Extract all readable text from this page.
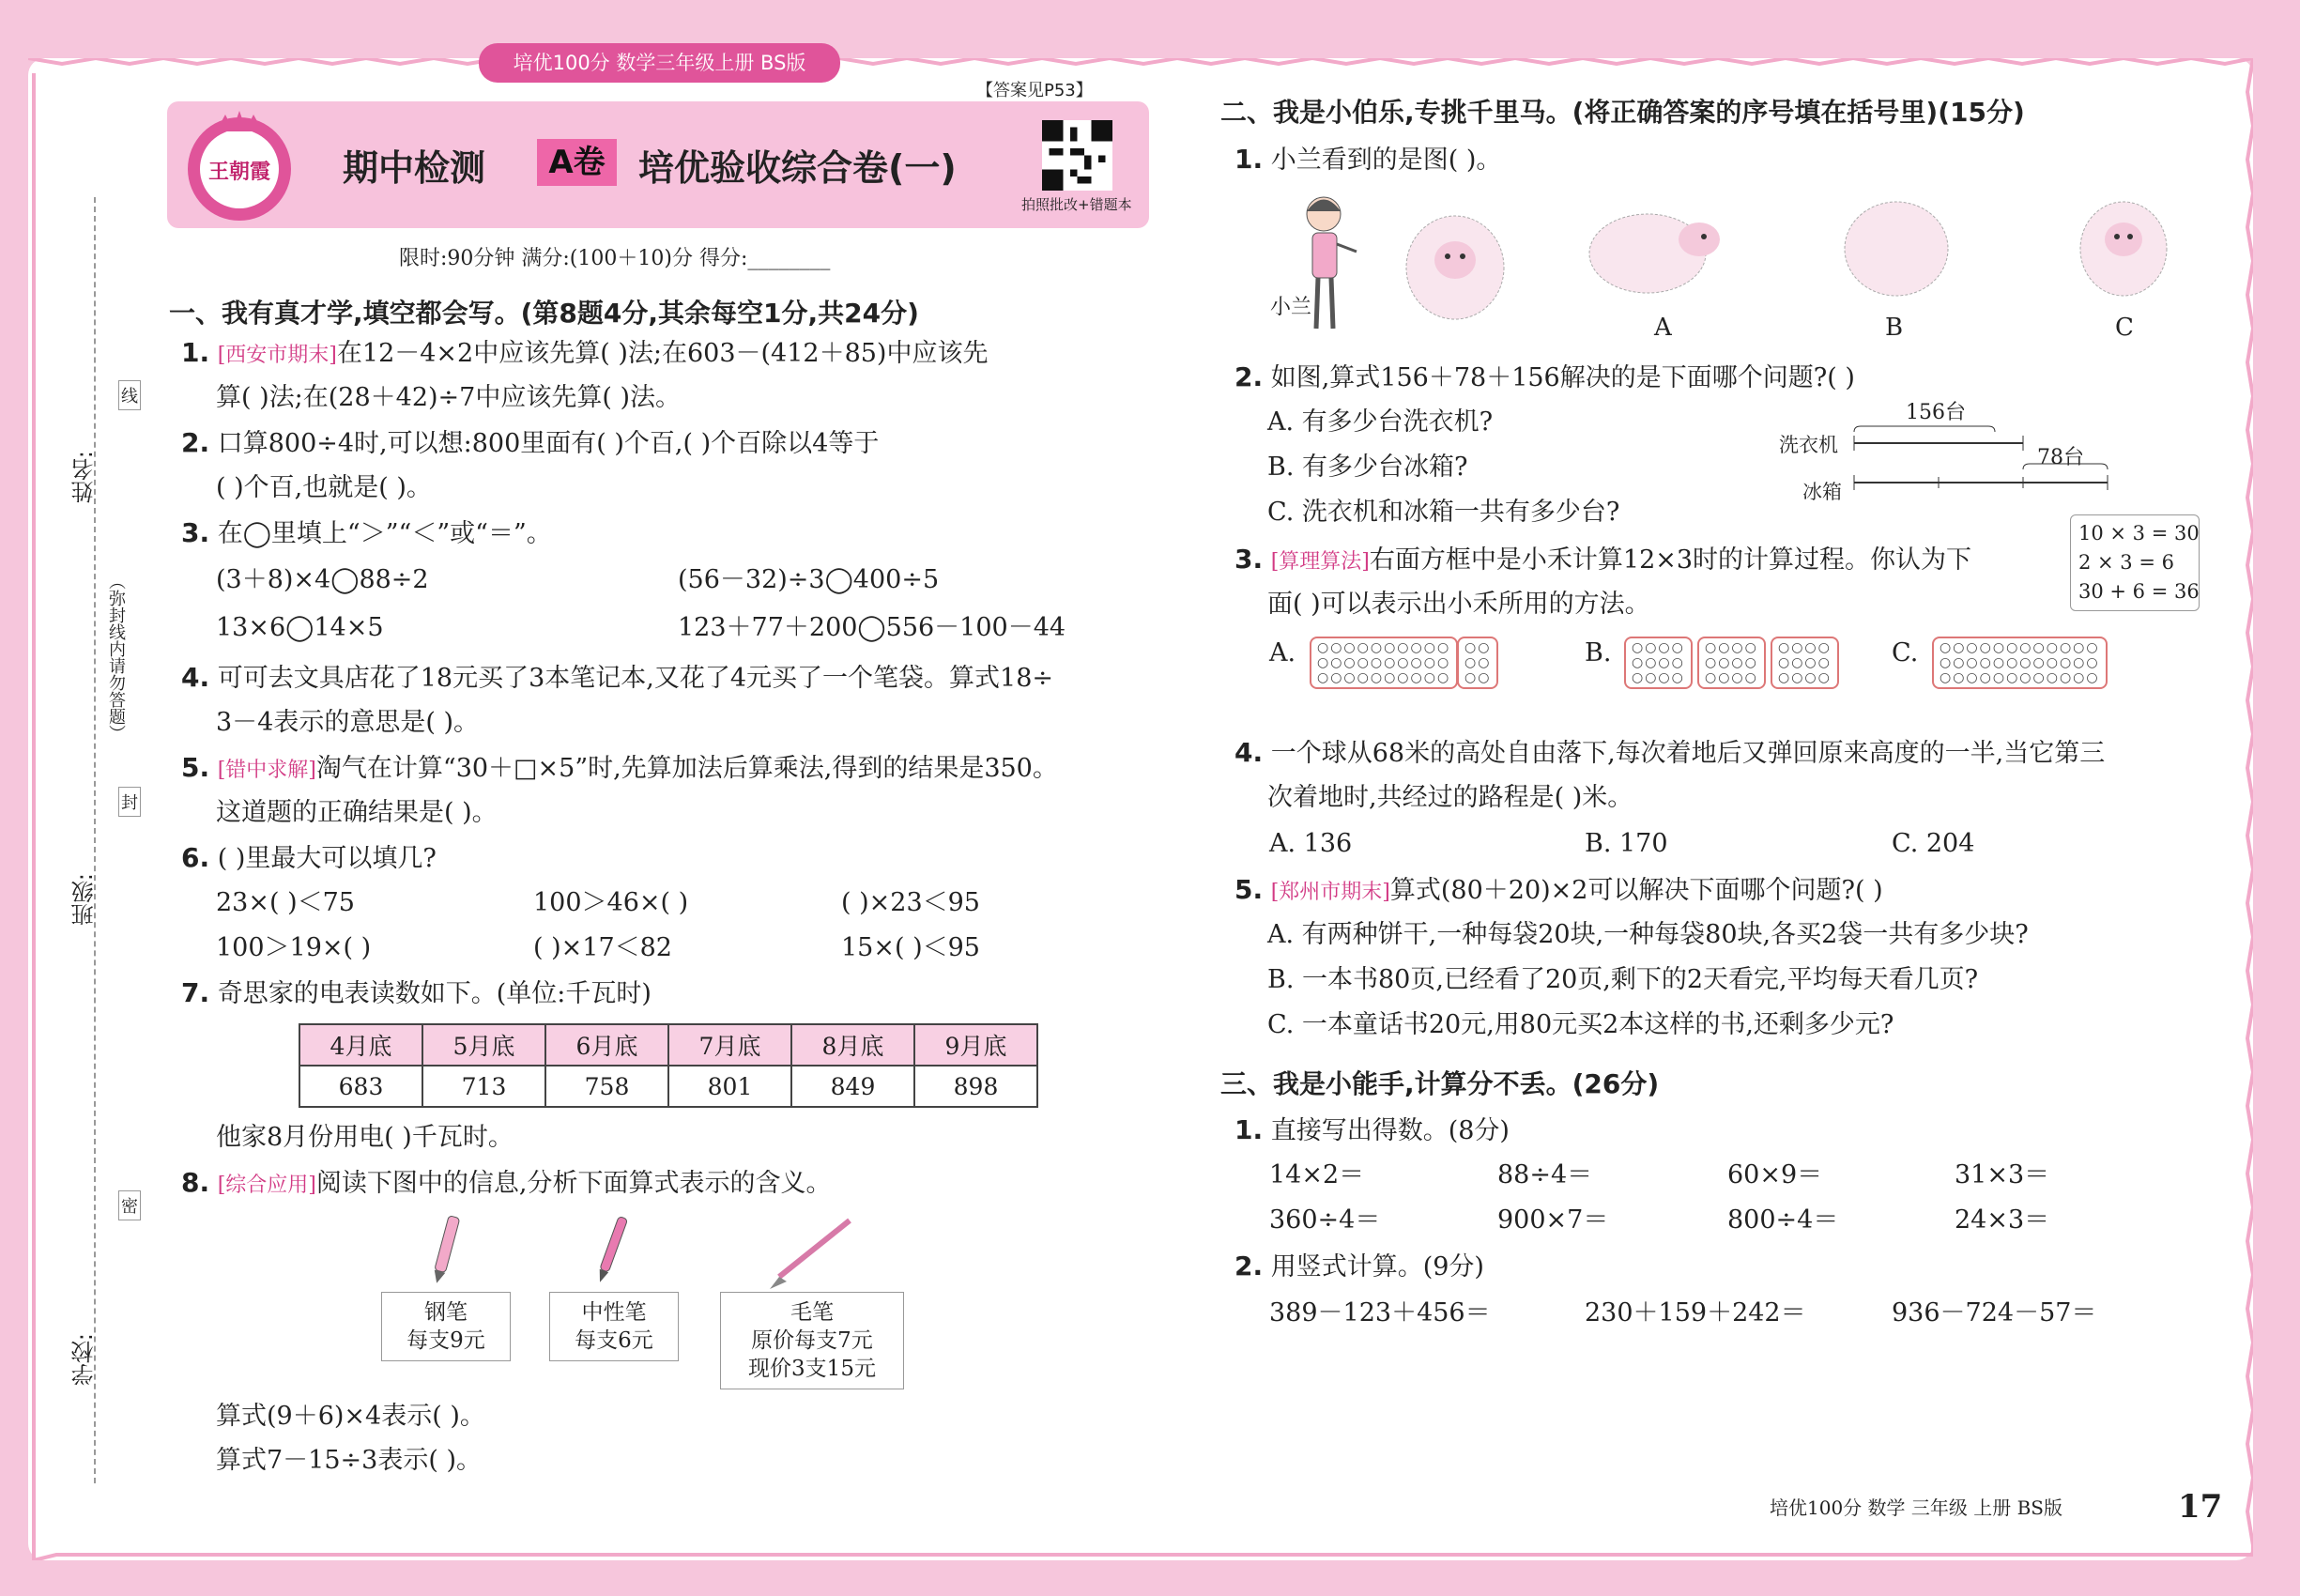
培优100分 数学三年级上册 BS版
王朝霞 期中检测	A卷 培优验收综合卷(一)
【答案见P53】
拍照批改+错题本
限时:90分钟 满分:(100＋10)分 得分:________
姓名:
班级:
学校:
（弥封线内请勿答题）
线
封
密
一、我有真才学,填空都会写。(第8题4分,其余每空1分,共24分)
1. [西安市期末]在12－4×2中应该先算( )法;在603－(412＋85)中应该先
算( )法;在(28＋42)÷7中应该先算( )法。
2. 口算800÷4时,可以想:800里面有( )个百,( )个百除以4等于
( )个百,也就是( )。
3. 在◯里填上“＞”“＜”或“＝”。
(3＋8)×4◯88÷2	(56－32)÷3◯400÷5
13×6◯14×5	123＋77＋200◯556－100－44
4. 可可去文具店花了18元买了3本笔记本,又花了4元买了一个笔袋。算式18÷
3－4表示的意思是( )。
5. [错中求解]淘气在计算“30＋□×5”时,先算加法后算乘法,得到的结果是350。
这道题的正确结果是( )。
6. ( )里最大可以填几?
23×( )＜75	100＞46×( )	( )×23＜95
100＞19×( )	( )×17＜82	15×( )＜95
7. 奇思家的电表读数如下。(单位:千瓦时)
4月底	5月底	6月底	7月底	8月底	9月底
683	713	758	801	849	898
他家8月份用电( )千瓦时。
8. [综合应用]阅读下图中的信息,分析下面算式表示的含义。
钢笔
每支9元
中性笔
每支6元
毛笔
原价每支7元
现价3支15元
算式(9＋6)×4表示( )。
算式7－15÷3表示( )。
二、我是小伯乐,专挑千里马。(将正确答案的序号填在括号里)(15分)
1. 小兰看到的是图( )。
小兰
A	B	C
2. 如图,算式156＋78＋156解决的是下面哪个问题?( )
A. 有多少台洗衣机?
B. 有多少台冰箱?
C. 洗衣机和冰箱一共有多少台?
156台
78台
洗衣机
冰箱
3. [算理算法]右面方框中是小禾计算12×3时的计算过程。你认为下
面( )可以表示出小禾所用的方法。
10 × 3 = 30
2 × 3 = 6
30 + 6 = 36
A. ○○○○○○○○○○
○○○○○○○○○○
○○○○○○○○○○
○○
○○
○○
B. ○○○○
○○○○
○○○○
○○○○
○○○○
○○○○
○○○○
○○○○
○○○○
C. ○○○○○○○○○○○○
○○○○○○○○○○○○
○○○○○○○○○○○○
4. 一个球从68米的高处自由落下,每次着地后又弹回原来高度的一半,当它第三
次着地时,共经过的路程是( )米。
A. 136	B. 170	C. 204
5. [郑州市期末]算式(80＋20)×2可以解决下面哪个问题?( )
A. 有两种饼干,一种每袋20块,一种每袋80块,各买2袋一共有多少块?
B. 一本书80页,已经看了20页,剩下的2天看完,平均每天看几页?
C. 一本童话书20元,用80元买2本这样的书,还剩多少元?
三、我是小能手,计算分不丢。(26分)
1. 直接写出得数。(8分)
14×2＝	88÷4＝	60×9＝	31×3＝
360÷4＝	900×7＝	800÷4＝	24×3＝
2. 用竖式计算。(9分)
389－123＋456＝	230＋159＋242＝	936－724－57＝
培优100分 数学 三年级 上册 BS版	17
